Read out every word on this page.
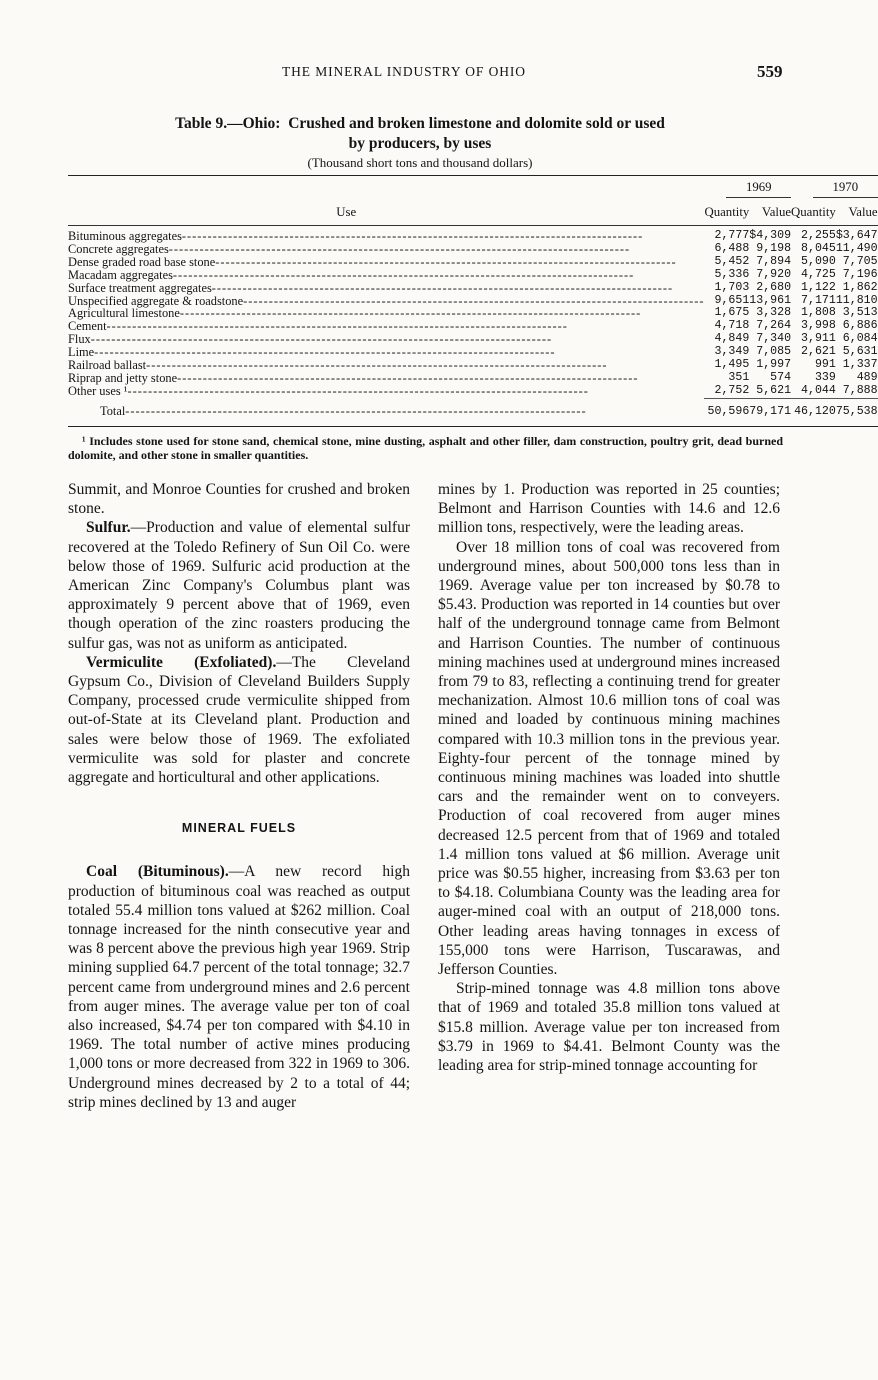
THE MINERAL INDUSTRY OF OHIO	559
Table 9.—Ohio: Crushed and broken limestone and dolomite sold or used
by producers, by uses
(Thousand short tons and thousand dollars)

	1969		1970	
Use	Quantity	Value	Quantity	Value

Bituminous aggregates------------------------------------------------------------------------------------------	2,777	$4,309	2,255	$3,647
Concrete aggregates------------------------------------------------------------------------------------------	6,488	9,198	8,045	11,490
Dense graded road base stone------------------------------------------------------------------------------------------	5,452	7,894	5,090	7,705
Macadam aggregates------------------------------------------------------------------------------------------	5,336	7,920	4,725	7,196
Surface treatment aggregates------------------------------------------------------------------------------------------	1,703	2,680	1,122	1,862
Unspecified aggregate & roadstone------------------------------------------------------------------------------------------	9,651	13,961	7,171	11,810
Agricultural limestone------------------------------------------------------------------------------------------	1,675	3,328	1,808	3,513
Cement------------------------------------------------------------------------------------------	4,718	7,264	3,998	6,886
Flux------------------------------------------------------------------------------------------	4,849	7,340	3,911	6,084
Lime------------------------------------------------------------------------------------------	3,349	7,085	2,621	5,631
Railroad ballast------------------------------------------------------------------------------------------	1,495	1,997	991	1,337
Riprap and jetty stone------------------------------------------------------------------------------------------	351	574	339	489
Other uses ¹------------------------------------------------------------------------------------------	2,752	5,621	4,044	7,888

Total------------------------------------------------------------------------------------------	50,596	79,171	46,120	75,538

¹ Includes stone used for stone sand, chemical stone, mine dusting, asphalt and other filler, dam construction, poultry grit, dead burned dolomite, and other stone in smaller quantities.

Summit, and Monroe Counties for crushed and broken stone.

Sulfur.—Production and value of elemental sulfur recovered at the Toledo Refinery of Sun Oil Co. were below those of 1969. Sulfuric acid production at the American Zinc Company's Columbus plant was approximately 9 percent above that of 1969, even though operation of the zinc roasters producing the sulfur gas, was not as uniform as anticipated.

Vermiculite (Exfoliated).—The Cleveland Gypsum Co., Division of Cleveland Builders Supply Company, processed crude vermiculite shipped from out-of-State at its Cleveland plant. Production and sales were below those of 1969. The exfoliated vermiculite was sold for plaster and concrete aggregate and horticultural and other applications.

MINERAL FUELS

Coal (Bituminous).—A new record high production of bituminous coal was reached as output totaled 55.4 million tons valued at $262 million. Coal tonnage increased for the ninth consecutive year and was 8 percent above the previous high year 1969. Strip mining supplied 64.7 percent of the total tonnage; 32.7 percent came from underground mines and 2.6 percent from auger mines. The average value per ton of coal also increased, $4.74 per ton compared with $4.10 in 1969. The total number of active mines producing 1,000 tons or more decreased from 322 in 1969 to 306. Underground mines decreased by 2 to a total of 44; strip mines declined by 13 and auger

mines by 1. Production was reported in 25 counties; Belmont and Harrison Counties with 14.6 and 12.6 million tons, respectively, were the leading areas.

Over 18 million tons of coal was recovered from underground mines, about 500,000 tons less than in 1969. Average value per ton increased by $0.78 to $5.43. Production was reported in 14 counties but over half of the underground tonnage came from Belmont and Harrison Counties. The number of continuous mining machines used at underground mines increased from 79 to 83, reflecting a continuing trend for greater mechanization. Almost 10.6 million tons of coal was mined and loaded by continuous mining machines compared with 10.3 million tons in the previous year. Eighty-four percent of the tonnage mined by continuous mining machines was loaded into shuttle cars and the remainder went on to conveyers. Production of coal recovered from auger mines decreased 12.5 percent from that of 1969 and totaled 1.4 million tons valued at $6 million. Average unit price was $0.55 higher, increasing from $3.63 per ton to $4.18. Columbiana County was the leading area for auger-mined coal with an output of 218,000 tons. Other leading areas having tonnages in excess of 155,000 tons were Harrison, Tuscarawas, and Jefferson Counties.

Strip-mined tonnage was 4.8 million tons above that of 1969 and totaled 35.8 million tons valued at $15.8 million. Average value per ton increased from $3.79 in 1969 to $4.41. Belmont County was the leading area for strip-mined tonnage accounting for
